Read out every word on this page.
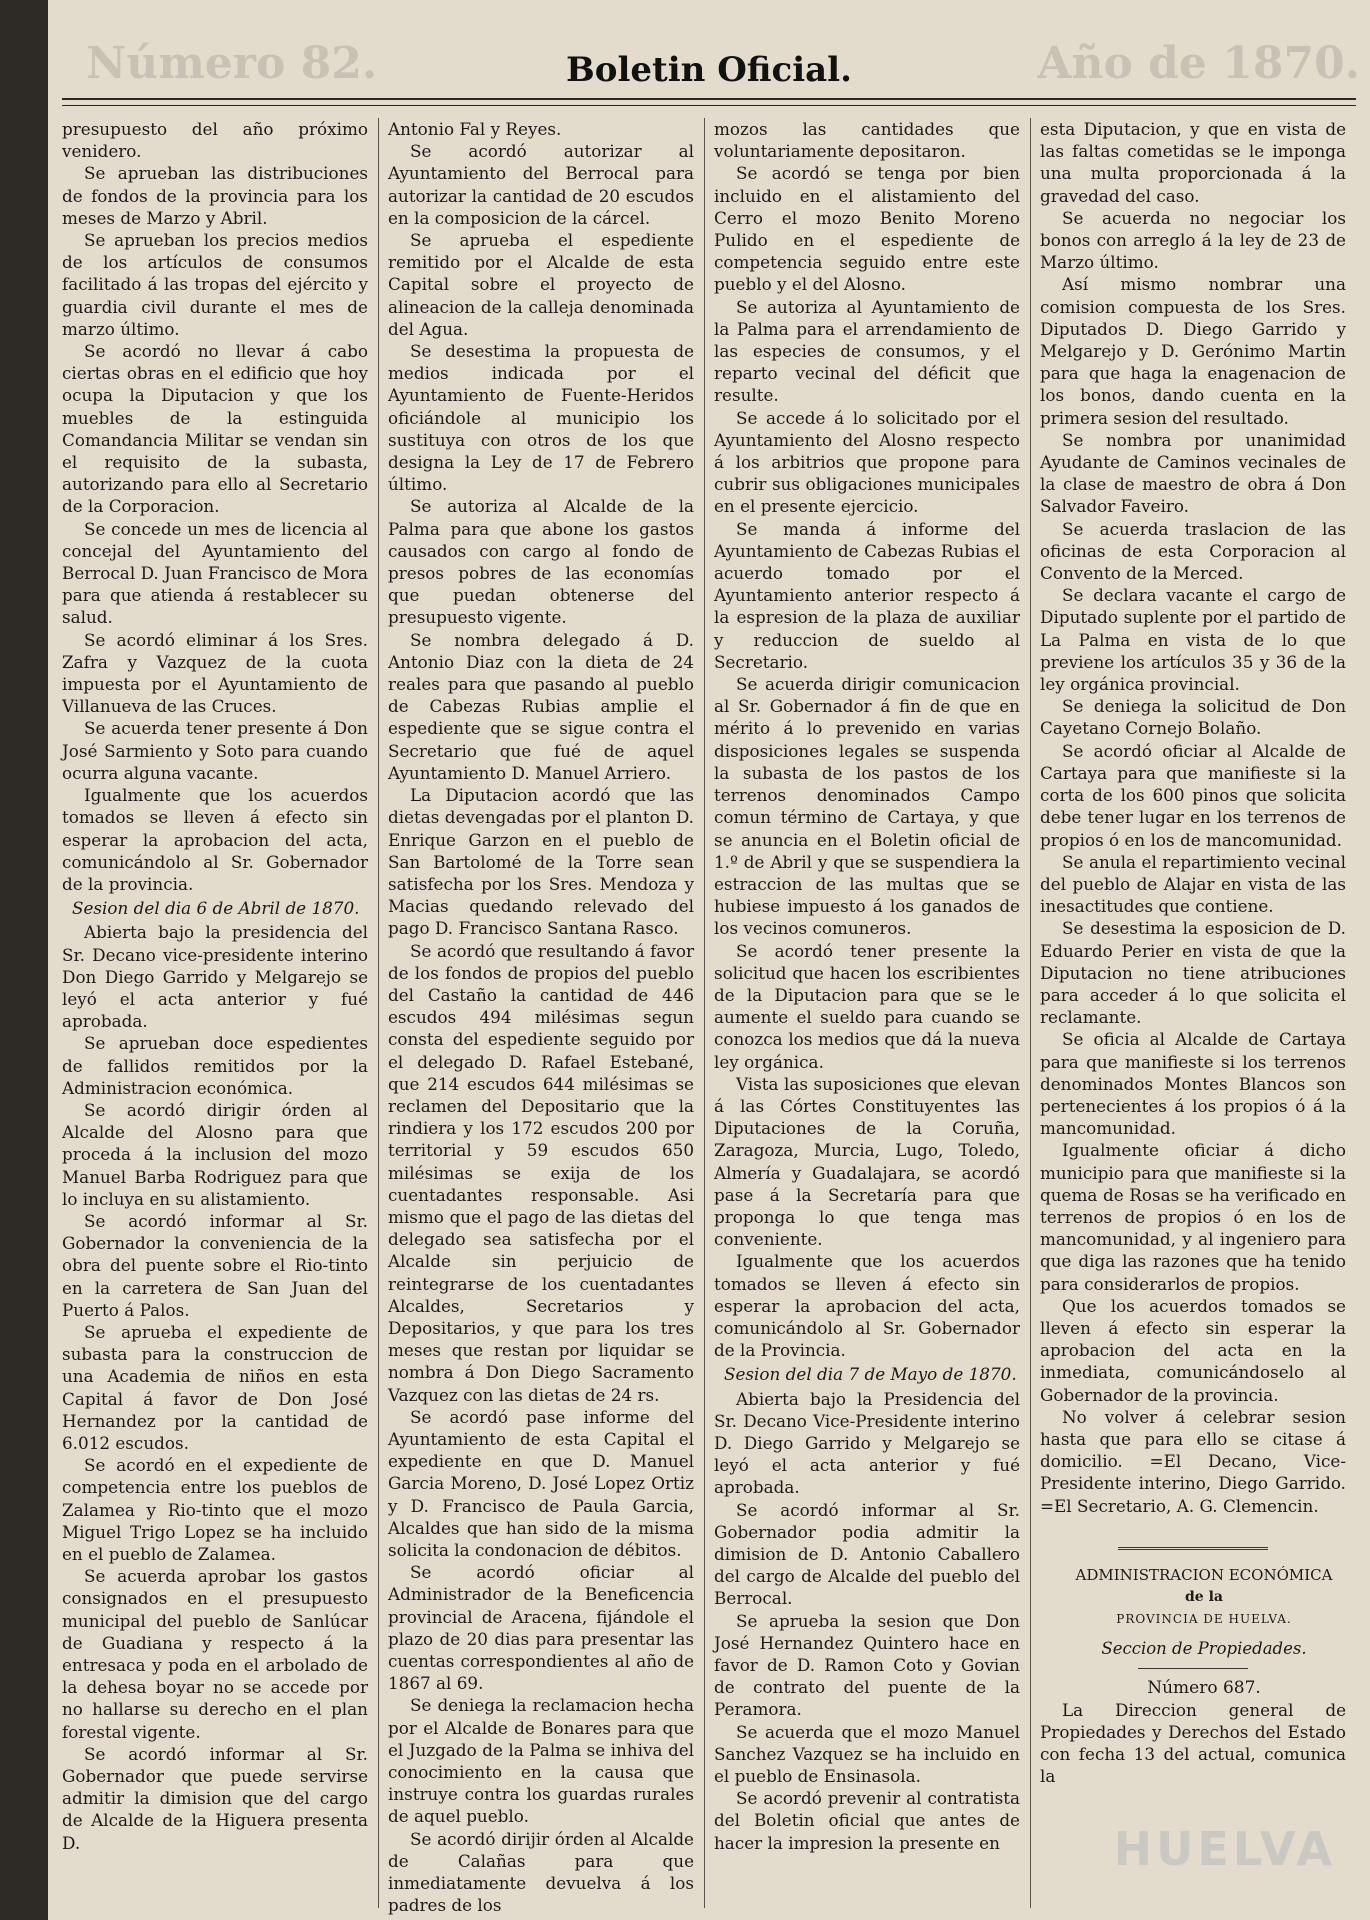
Número 82.	Año de 1870.
Boletin Oficial.

presupuesto del año próximo venidero.

Se aprueban las distribuciones de fondos de la provincia para los meses de Marzo y Abril.

Se aprueban los precios medios de los artículos de consumos facilitado á las tropas del ejército y guardia civil durante el mes de marzo último.

Se acordó no llevar á cabo ciertas obras en el edificio que hoy ocupa la Diputacion y que los muebles de la estinguida Comandancia Militar se vendan sin el requisito de la subasta, autorizando para ello al Secretario de la Corporacion.

Se concede un mes de licencia al concejal del Ayuntamiento del Berrocal D. Juan Francisco de Mora para que atienda á restablecer su salud.

Se acordó eliminar á los Sres. Zafra y Vazquez de la cuota impuesta por el Ayuntamiento de Villanueva de las Cruces.

Se acuerda tener presente á Don José Sarmiento y Soto para cuando ocurra alguna vacante.

Igualmente que los acuerdos tomados se lleven á efecto sin esperar la aprobacion del acta, comunicándolo al Sr. Gobernador de la provincia.

Sesion del dia 6 de Abril de 1870.

Abierta bajo la presidencia del Sr. Decano vice-presidente interino Don Diego Garrido y Melgarejo se leyó el acta anterior y fué aprobada.

Se aprueban doce espedientes de fallidos remitidos por la Administracion económica.

Se acordó dirigir órden al Alcalde del Alosno para que proceda á la inclusion del mozo Manuel Barba Rodriguez para que lo incluya en su alistamiento.

Se acordó informar al Sr. Gobernador la conveniencia de la obra del puente sobre el Rio-tinto en la carretera de San Juan del Puerto á Palos.

Se aprueba el expediente de subasta para la construccion de una Academia de niños en esta Capital á favor de Don José Hernandez por la cantidad de 6.012 escudos.

Se acordó en el expediente de competencia entre los pueblos de Zalamea y Rio-tinto que el mozo Miguel Trigo Lopez se ha incluido en el pueblo de Zalamea.

Se acuerda aprobar los gastos consignados en el presupuesto municipal del pueblo de Sanlúcar de Guadiana y respecto á la entresaca y poda en el arbolado de la dehesa boyar no se accede por no hallarse su derecho en el plan forestal vigente.

Se acordó informar al Sr. Gobernador que puede servirse admitir la dimision que del cargo de Alcalde de la Higuera presenta D.

Antonio Fal y Reyes.

Se acordó autorizar al Ayuntamiento del Berrocal para autorizar la cantidad de 20 escudos en la composicion de la cárcel.

Se aprueba el espediente remitido por el Alcalde de esta Capital sobre el proyecto de alineacion de la calleja denominada del Agua.

Se desestima la propuesta de medios indicada por el Ayuntamiento de Fuente-Heridos oficiándole al municipio los sustituya con otros de los que designa la Ley de 17 de Febrero último.

Se autoriza al Alcalde de la Palma para que abone los gastos causados con cargo al fondo de presos pobres de las economías que puedan obtenerse del presupuesto vigente.

Se nombra delegado á D. Antonio Diaz con la dieta de 24 reales para que pasando al pueblo de Cabezas Rubias amplie el espediente que se sigue contra el Secretario que fué de aquel Ayuntamiento D. Manuel Arriero.

La Diputacion acordó que las dietas devengadas por el planton D. Enrique Garzon en el pueblo de San Bartolomé de la Torre sean satisfecha por los Sres. Mendoza y Macias quedando relevado del pago D. Francisco Santana Rasco.

Se acordó que resultando á favor de los fondos de propios del pueblo del Castaño la cantidad de 446 escudos 494 milésimas segun consta del espediente seguido por el delegado D. Rafael Estebané, que 214 escudos 644 milésimas se reclamen del Depositario que la rindiera y los 172 escudos 200 por territorial y 59 escudos 650 milésimas se exija de los cuentadantes responsable. Asi mismo que el pago de las dietas del delegado sea satisfecha por el Alcalde sin perjuicio de reintegrarse de los cuentadantes Alcaldes, Secretarios y Depositarios, y que para los tres meses que restan por liquidar se nombra á Don Diego Sacramento Vazquez con las dietas de 24 rs.

Se acordó pase informe del Ayuntamiento de esta Capital el expediente en que D. Manuel Garcia Moreno, D. José Lopez Ortiz y D. Francisco de Paula Garcia, Alcaldes que han sido de la misma solicita la condonacion de débitos.

Se acordó oficiar al Administrador de la Beneficencia provincial de Aracena, fijándole el plazo de 20 dias para presentar las cuentas correspondientes al año de 1867 al 69.

Se deniega la reclamacion hecha por el Alcalde de Bonares para que el Juzgado de la Palma se inhiva del conocimiento en la causa que instruye contra los guardas rurales de aquel pueblo.

Se acordó dirijir órden al Alcalde de Calañas para que inmediatamente devuelva á los padres de los

mozos las cantidades que voluntariamente depositaron.

Se acordó se tenga por bien incluido en el alistamiento del Cerro el mozo Benito Moreno Pulido en el espediente de competencia seguido entre este pueblo y el del Alosno.

Se autoriza al Ayuntamiento de la Palma para el arrendamiento de las especies de consumos, y el reparto vecinal del déficit que resulte.

Se accede á lo solicitado por el Ayuntamiento del Alosno respecto á los arbitrios que propone para cubrir sus obligaciones municipales en el presente ejercicio.

Se manda á informe del Ayuntamiento de Cabezas Rubias el acuerdo tomado por el Ayuntamiento anterior respecto á la espresion de la plaza de auxiliar y reduccion de sueldo al Secretario.

Se acuerda dirigir comunicacion al Sr. Gobernador á fin de que en mérito á lo prevenido en varias disposiciones legales se suspenda la subasta de los pastos de los terrenos denominados Campo comun término de Cartaya, y que se anuncia en el Boletin oficial de 1.º de Abril y que se suspendiera la estraccion de las multas que se hubiese impuesto á los ganados de los vecinos comuneros.

Se acordó tener presente la solicitud que hacen los escribientes de la Diputacion para que se le aumente el sueldo para cuando se conozca los medios que dá la nueva ley orgánica.

Vista las suposiciones que elevan á las Córtes Constituyentes las Diputaciones de la Coruña, Zaragoza, Murcia, Lugo, Toledo, Almería y Guadalajara, se acordó pase á la Secretaría para que proponga lo que tenga mas conveniente.

Igualmente que los acuerdos tomados se lleven á efecto sin esperar la aprobacion del acta, comunicándolo al Sr. Gobernador de la Provincia.

Sesion del dia 7 de Mayo de 1870.

Abierta bajo la Presidencia del Sr. Decano Vice-Presidente interino D. Diego Garrido y Melgarejo se leyó el acta anterior y fué aprobada.

Se acordó informar al Sr. Gobernador podia admitir la dimision de D. Antonio Caballero del cargo de Alcalde del pueblo del Berrocal.

Se aprueba la sesion que Don José Hernandez Quintero hace en favor de D. Ramon Coto y Govian de contrato del puente de la Peramora.

Se acuerda que el mozo Manuel Sanchez Vazquez se ha incluido en el pueblo de Ensinasola.

Se acordó prevenir al contratista del Boletin oficial que antes de hacer la impresion la presente en

esta Diputacion, y que en vista de las faltas cometidas se le imponga una multa proporcionada á la gravedad del caso.

Se acuerda no negociar los bonos con arreglo á la ley de 23 de Marzo último.

Así mismo nombrar una comision compuesta de los Sres. Diputados D. Diego Garrido y Melgarejo y D. Gerónimo Martin para que haga la enagenacion de los bonos, dando cuenta en la primera sesion del resultado.

Se nombra por unanimidad Ayudante de Caminos vecinales de la clase de maestro de obra á Don Salvador Faveiro.

Se acuerda traslacion de las oficinas de esta Corporacion al Convento de la Merced.

Se declara vacante el cargo de Diputado suplente por el partido de La Palma en vista de lo que previene los artículos 35 y 36 de la ley orgánica provincial.

Se deniega la solicitud de Don Cayetano Cornejo Bolaño.

Se acordó oficiar al Alcalde de Cartaya para que manifieste si la corta de los 600 pinos que solicita debe tener lugar en los terrenos de propios ó en los de mancomunidad.

Se anula el repartimiento vecinal del pueblo de Alajar en vista de las inesactitudes que contiene.

Se desestima la esposicion de D. Eduardo Perier en vista de que la Diputacion no tiene atribuciones para acceder á lo que solicita el reclamante.

Se oficia al Alcalde de Cartaya para que manifieste si los terrenos denominados Montes Blancos son pertenecientes á los propios ó á la mancomunidad.

Igualmente oficiar á dicho municipio para que manifieste si la quema de Rosas se ha verificado en terrenos de propios ó en los de mancomunidad, y al ingeniero para que diga las razones que ha tenido para considerarlos de propios.

Que los acuerdos tomados se lleven á efecto sin esperar la aprobacion del acta en la inmediata, comunicándoselo al Gobernador de la provincia.

No volver á celebrar sesion hasta que para ello se citase á domicilio. =El Decano, Vice-Presidente interino, Diego Garrido. =El Secretario, A. G. Clemencin.

ADMINISTRACION ECONÓMICA

de la

PROVINCIA DE HUELVA.

Seccion de Propiedades.

Número 687.

La Direccion general de Propiedades y Derechos del Estado con fecha 13 del actual, comunica la

HUELVA
